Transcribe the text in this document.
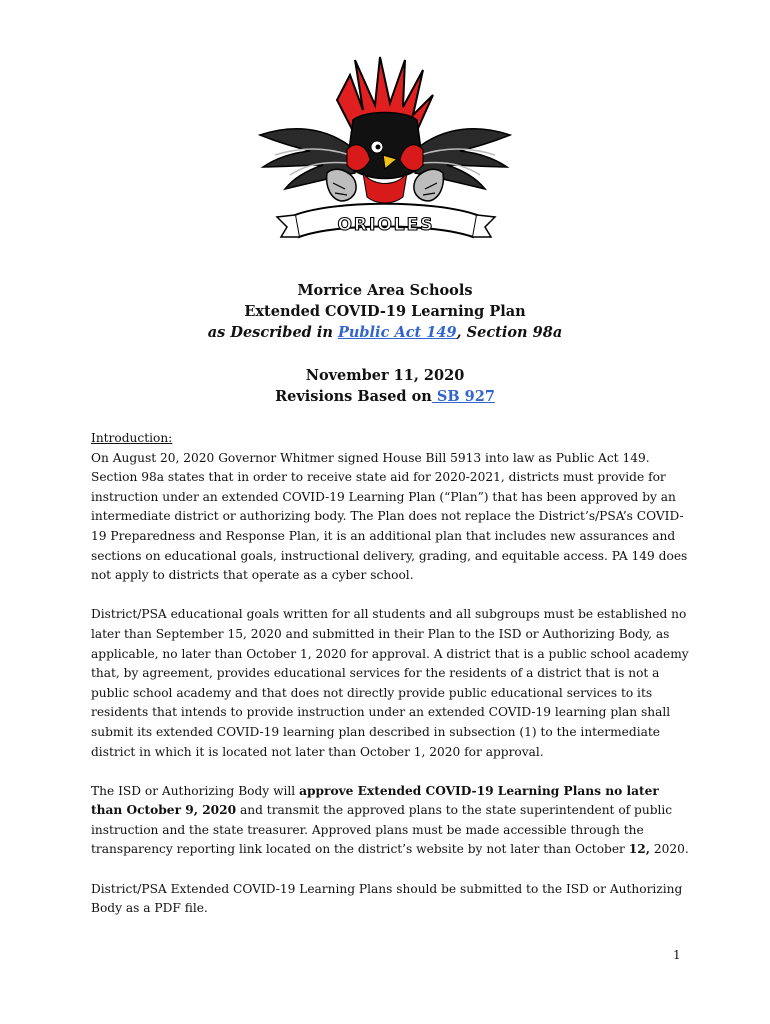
ORIOLES

Morrice Area Schools

Extended COVID-19 Learning Plan

as Described in Public Act 149, Section 98a

November 11, 2020

Revisions Based on SB 927

Introduction:
On August 20, 2020 Governor Whitmer signed House Bill 5913 into law as Public Act 149. Section 98a states that in order to receive state aid for 2020-2021, districts must provide for instruction under an extended COVID-19 Learning Plan (“Plan”) that has been approved by an intermediate district or authorizing body. The Plan does not replace the District’s/PSA’s COVID-19 Preparedness and Response Plan, it is an additional plan that includes new assurances and sections on educational goals, instructional delivery, grading, and equitable access. PA 149 does not apply to districts that operate as a cyber school.

District/PSA educational goals written for all students and all subgroups must be established no later than September 15, 2020 and submitted in their Plan to the ISD or Authorizing Body, as applicable, no later than October 1, 2020 for approval. A district that is a public school academy that, by agreement, provides educational services for the residents of a district that is not a public school academy and that does not directly provide public educational services to its residents that intends to provide instruction under an extended COVID-19 learning plan shall submit its extended COVID-19 learning plan described in subsection (1) to the intermediate district in which it is located not later than October 1, 2020 for approval.

The ISD or Authorizing Body will approve Extended COVID-19 Learning Plans no later than October 9, 2020 and transmit the approved plans to the state superintendent of public instruction and the state treasurer. Approved plans must be made accessible through the transparency reporting link located on the district’s website by not later than October 12, 2020.

District/PSA Extended COVID-19 Learning Plans should be submitted to the ISD or Authorizing Body as a PDF file.

1
